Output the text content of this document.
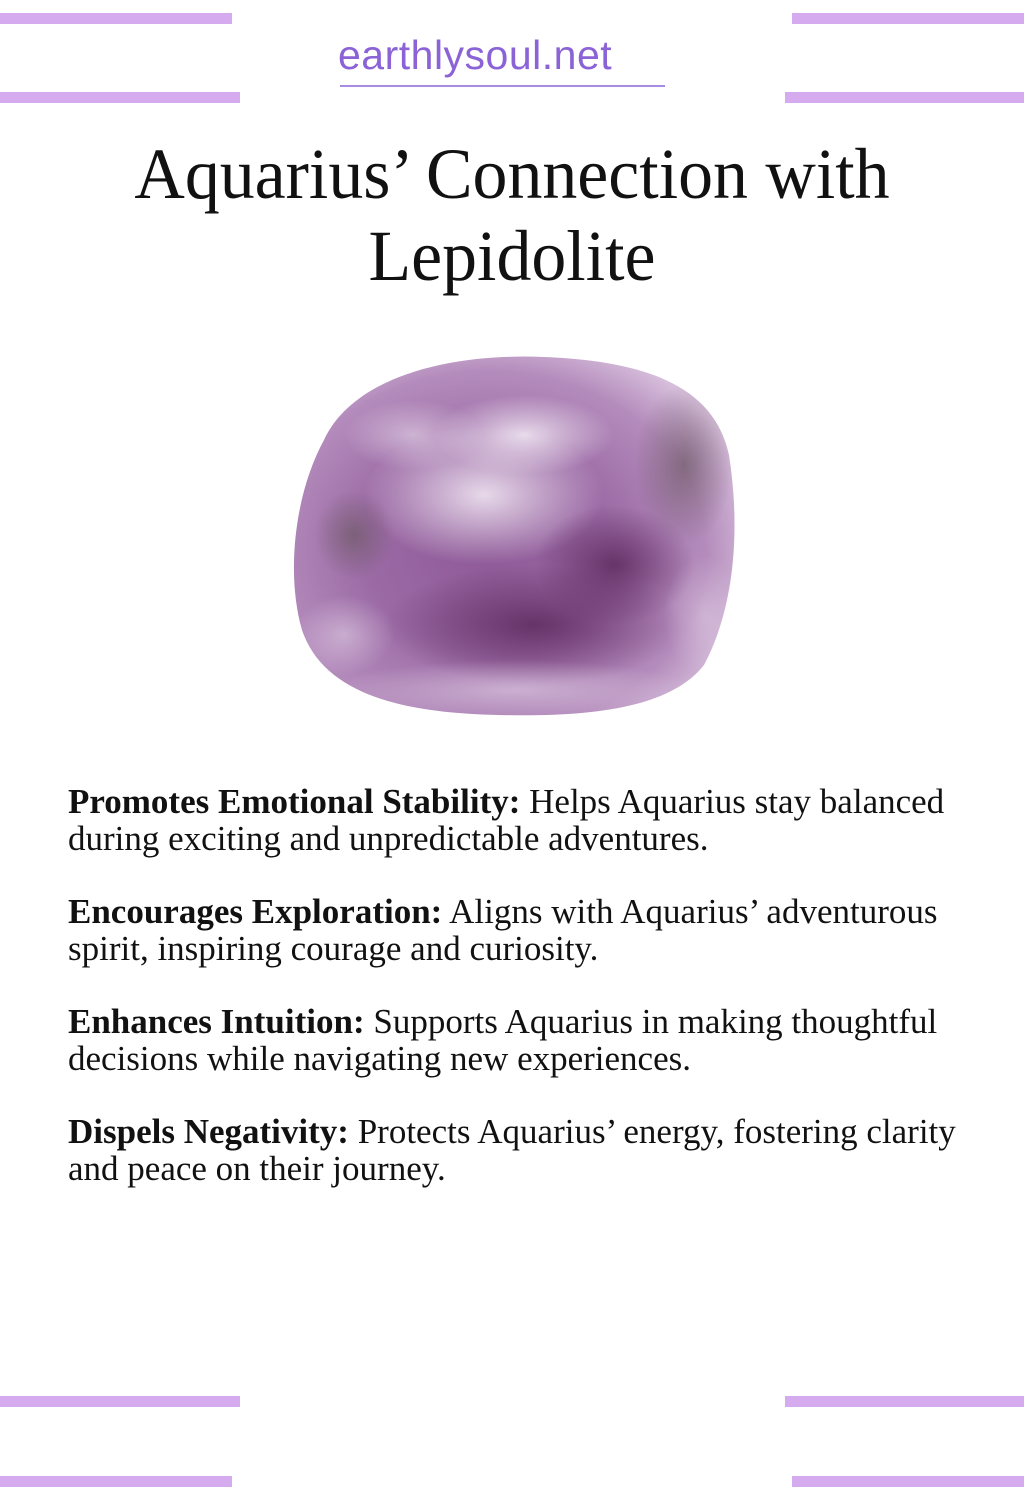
earthlysoul.net
Aquarius’ Connection with
Lepidolite
Promotes Emotional Stability: Helps Aquarius stay balanced during exciting and unpredictable adventures.
Encourages Exploration: Aligns with Aquarius’ adventurous spirit, inspiring courage and curiosity.
Enhances Intuition: Supports Aquarius in making thoughtful decisions while navigating new experiences.
Dispels Negativity: Protects Aquarius’ energy, fostering clarity and peace on their journey.
